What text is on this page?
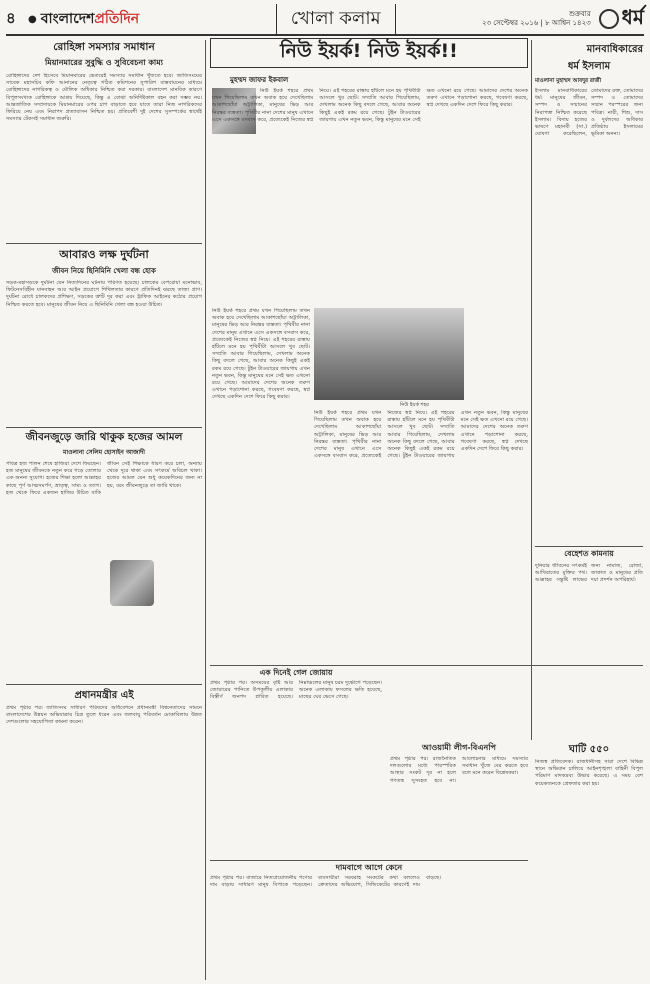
৪	● বাংলাদেশপ্রতিদিন	খোলা কলাম	শুক্রবার
২৩ সেপ্টেম্বর ২০১৬ | ৮ আশ্বিন ১৪২৩ ধর্ম
রোহিঙ্গা সমস্যার সমাধান
মিয়ানমারের সুবুদ্ধি ও সুবিবেচনা কাম্য
রোহিঙ্গাদের দেশ হিসেবে মিয়ানমারের ভেতরেই সমস্যার সমাধান খুঁজতে হবে। জাতিসংঘের সাবেক মহাসচিব কফি আনানের নেতৃত্বে গঠিত কমিশনের সুপারিশ বাস্তবায়নের মাধ্যমে রোহিঙ্গাদের নাগরিকত্ব ও মৌলিক অধিকার নিশ্চিত করা দরকার। বাংলাদেশ মানবিক কারণে বিপুলসংখ্যক রোহিঙ্গাকে আশ্রয় দিয়েছে, কিন্তু এ বোঝা অনির্দিষ্টকাল বহন করা সম্ভব নয়। আন্তর্জাতিক সম্প্রদায়কে মিয়ানমারের ওপর চাপ বাড়াতে হবে যাতে তারা নিজ নাগরিকদের ফিরিয়ে নেয় এবং নিরাপদ প্রত্যাবাসন নিশ্চিত হয়। প্রতিবেশী দুই দেশের সুসম্পর্কের স্বার্থেই সমস্যার টেকসই সমাধান জরুরি।
আবারও লক্ষ দুর্ঘটনা
জীবন নিয়ে ছিনিমিনি খেলা বন্ধ হোক
সড়ক-মহাসড়কে দুর্ঘটনা যেন নিত্যদিনের ঘটনায় পরিণত হয়েছে। চালকের বেপরোয়া মনোভাব, ফিটনেসবিহীন যানবাহন আর আইন প্রয়োগে শিথিলতার কারণে প্রতিদিনই ঝরছে তাজা প্রাণ। দুর্ঘটনা রোধে চালকদের প্রশিক্ষণ, সড়কের ত্রুটি দূর করা এবং ট্রাফিক আইনের কঠোর প্রয়োগ নিশ্চিত করতে হবে। মানুষের জীবন নিয়ে এ ছিনিমিনি খেলা বন্ধ হওয়া উচিত।
জীবনজুড়ে জারি থাকুক হজের আমল
মাওলানা সেলিম হোসাইন আজাদী
পবিত্র হজ পালন শেষে হাজিরা দেশে ফিরছেন। হজ মানুষের জীবনকে নতুন করে গড়ে তোলার এক অনন্য সুযোগ। হজের শিক্ষা হলো আল্লাহর কাছে পূর্ণ আত্মসমর্পণ, ভ্রাতৃত্ব, সাম্য ও ত্যাগ। হজ থেকে ফিরে একজন হাজির উচিত বাকি জীবন সেই শিক্ষাকে ধারণ করে চলা, অন্যায় থেকে দূরে থাকা এবং সৎকর্মে অবিচল থাকা। হজের আমল যেন শুধু কয়েকদিনের জন্য না হয়, বরং জীবনজুড়ে তা জারি থাকে।
প্রধানমন্ত্রীর এই
প্রথম পৃষ্ঠার পর। জাতিসংঘ সাধারণ পরিষদের অধিবেশনে প্রধানমন্ত্রী বিশ্বনেতাদের সামনে বাংলাদেশের উন্নয়ন অভিযাত্রার চিত্র তুলে ধরেন এবং জলবায়ু পরিবর্তন মোকাবিলায় উন্নত দেশগুলোর সহযোগিতা কামনা করেন।
নিউ ইয়র্ক! নিউ ইয়র্ক!!
মুহম্মদ জাফর ইকবাল
নিউ ইয়র্ক শহরে প্রথম যখন গিয়েছিলাম তখন অবাক হয়ে দেখেছিলাম আকাশছোঁয়া অট্টালিকা, মানুষের ভিড় আর নিরন্তর ব্যস্ততা। পৃথিবীর নানা দেশের মানুষ এখানে এসে একসঙ্গে বসবাস করে, প্রত্যেকেই নিজের স্বপ্ন নিয়ে। এই শহরের রাস্তায় হাঁটলে মনে হয় পৃথিবীটা আসলে খুব ছোট। সম্প্রতি আবার গিয়েছিলাম, দেখলাম অনেক কিছু বদলে গেছে, আবার অনেক কিছুই একই রকম রয়ে গেছে। টুইন টাওয়ারের জায়গায় এখন নতুন ভবন, কিন্তু মানুষের মনে সেই ক্ষত এখনো রয়ে গেছে। আমাদের দেশের অনেক তরুণ এখানে পড়াশোনা করছে, গবেষণা করছে, স্বপ্ন দেখছে একদিন দেশে ফিরে কিছু করার।
নিউ ইয়র্ক শহর
নিউ ইয়র্ক শহরে প্রথম যখন গিয়েছিলাম তখন অবাক হয়ে দেখেছিলাম আকাশছোঁয়া অট্টালিকা, মানুষের ভিড় আর নিরন্তর ব্যস্ততা। পৃথিবীর নানা দেশের মানুষ এখানে এসে একসঙ্গে বসবাস করে, প্রত্যেকেই নিজের স্বপ্ন নিয়ে। এই শহরের রাস্তায় হাঁটলে মনে হয় পৃথিবীটা আসলে খুব ছোট। সম্প্রতি আবার গিয়েছিলাম, দেখলাম অনেক কিছু বদলে গেছে, আবার অনেক কিছুই একই রকম রয়ে গেছে। টুইন টাওয়ারের জায়গায় এখন নতুন ভবন, কিন্তু মানুষের মনে সেই ক্ষত এখনো রয়ে গেছে। আমাদের দেশের অনেক তরুণ এখানে পড়াশোনা করছে, গবেষণা করছে, স্বপ্ন দেখছে একদিন দেশে ফিরে কিছু করার।
নিউ ইয়র্ক শহরে প্রথম যখন গিয়েছিলাম তখন অবাক হয়ে দেখেছিলাম আকাশছোঁয়া অট্টালিকা, মানুষের ভিড় আর নিরন্তর ব্যস্ততা। পৃথিবীর নানা দেশের মানুষ এখানে এসে একসঙ্গে বসবাস করে, প্রত্যেকেই নিজের স্বপ্ন নিয়ে। এই শহরের রাস্তায় হাঁটলে মনে হয় পৃথিবীটা আসলে খুব ছোট। সম্প্রতি আবার গিয়েছিলাম, দেখলাম অনেক কিছু বদলে গেছে, আবার অনেক কিছুই একই রকম রয়ে গেছে। টুইন টাওয়ারের জায়গায় এখন নতুন ভবন, কিন্তু মানুষের মনে সেই ক্ষত এখনো রয়ে গেছে। আমাদের দেশের অনেক তরুণ এখানে পড়াশোনা করছে, গবেষণা করছে, স্বপ্ন দেখছে একদিন দেশে ফিরে কিছু করার।
মানবাধিকারের
ধর্ম ইসলাম
মাওলানা মুহাম্মদ আবদুর রাজী
ইসলাম মানবাধিকারের ধর্ম। মানুষের জীবন, সম্পদ ও সম্মানের নিরাপত্তা নিশ্চিত করেছে ইসলাম। বিদায় হজের ভাষণে মহানবী (সা.) ঘোষণা করেছিলেন, তোমাদের রক্ত, তোমাদের সম্পদ ও তোমাদের সম্মান পরস্পরের জন্য পবিত্র। নারী, শিশু, দাস ও দুর্বলদের অধিকার প্রতিষ্ঠায় ইসলামের ভূমিকা অনন্য।
বেহেশত কামনায়
দুনিয়ার জীবনের সৎকর্মই আখিরাতের মুক্তির পথ। আল্লাহর সন্তুষ্টি লাভের জন্য নামাজ, রোজা, জাকাত ও মানুষের প্রতি দয়া প্রদর্শন অপরিহার্য।
এক দিনেই গেল জোয়ায়
প্রথম পৃষ্ঠার পর। অসময়ের বৃষ্টি আর জোয়ারের পানিতে উপকূলীয় এলাকার বিস্তীর্ণ জনপদ প্লাবিত হয়েছে। নিম্নাঞ্চলের মানুষ চরম দুর্ভোগে পড়েছেন। অনেক এলাকায় ফসলের ক্ষতি হয়েছে, মাছের ঘের ভেসে গেছে।
আওয়ামী লীগ-বিএনপি
প্রথম পৃষ্ঠার পর। রাজনৈতিক দলগুলোর মধ্যে পারস্পরিক আস্থার সংকট দূর না হলে গণতন্ত্র সুসংহত হবে না। আলোচনার মাধ্যমে সমস্যার সমাধান খুঁজে বের করতে হবে বলে মনে করেন বিশ্লেষকরা।
ঘাটি ৫৫০
নিজস্ব প্রতিবেদক। রাজধানীসহ সারা দেশে বিভিন্ন স্থানে অভিযান চালিয়ে আইনশৃঙ্খলা বাহিনী বিপুল পরিমাণ মাদকদ্রব্য উদ্ধার করেছে। এ সময় বেশ কয়েকজনকে গ্রেফতার করা হয়।
দামবাগে আগে কেনে
প্রথম পৃষ্ঠার পর। বাজারে নিত্যপ্রয়োজনীয় পণ্যের দাম বাড়ায় সাধারণ মানুষ বিপাকে পড়েছেন। ব্যবসায়ীরা সরবরাহ সংকটের কথা বললেও ক্রেতাদের অভিযোগ, সিন্ডিকেটের কারণেই দাম বাড়ছে।
